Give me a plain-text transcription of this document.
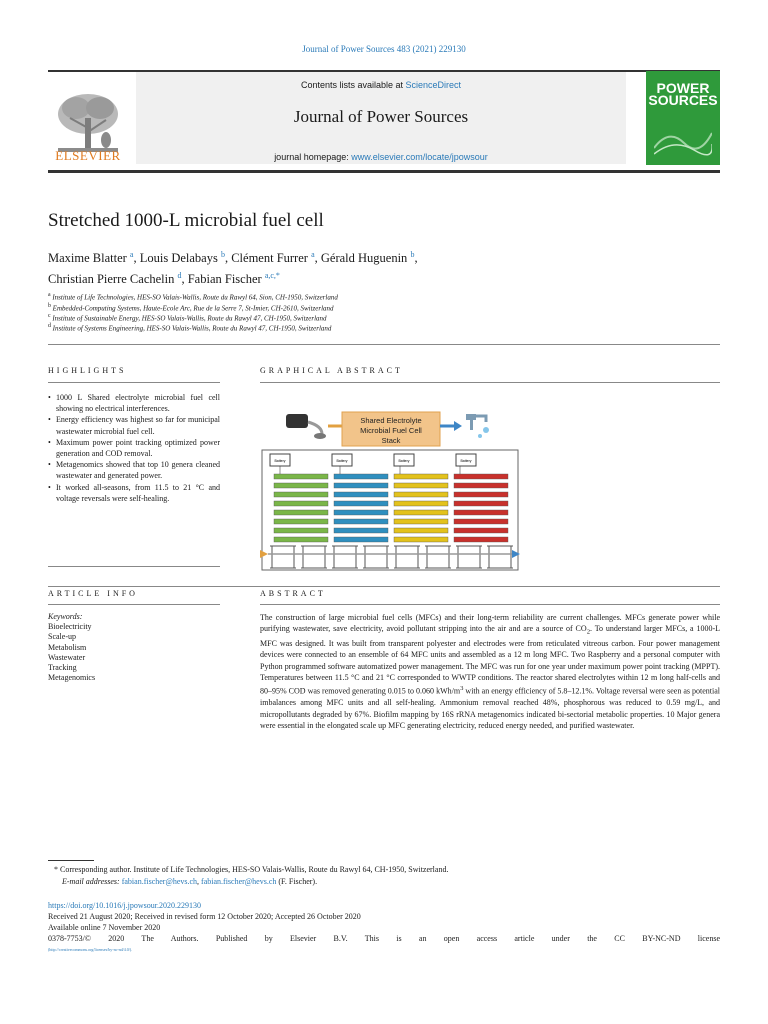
Journal of Power Sources 483 (2021) 229130
Contents lists available at ScienceDirect
Journal of Power Sources
journal homepage: www.elsevier.com/locate/jpowsour
ELSEVIER
POWER
SOURCES
Stretched 1000-L microbial fuel cell
Maxime Blatter $^a$, Louis Delabays $^b$, Clément Furrer $^a$, Gérald Huguenin $^b$,
Christian Pierre Cachelin $^d$, Fabian Fischer $^{a,c,*}$
$^a$ Institute of Life Technologies, HES-SO Valais-Wallis, Route du Rawyl 64, Sion, CH-1950, Switzerland
$^b$ Embedded-Computing Systems, Haute-Ecole Arc, Rue de la Serre 7, St-Imier, CH-2610, Switzerland
$^c$ Institute of Sustainable Energy, HES-SO Valais-Wallis, Route du Rawyl 47, CH-1950, Switzerland
$^d$ Institute of Systems Engineering, HES-SO Valais-Wallis, Route du Rawyl 47, CH-1950, Switzerland
HIGHLIGHTS
• 1000 L Shared electrolyte microbial fuel cell showing no electrical interferences.
• Energy efficiency was highest so far for municipal wastewater microbial fuel cell.
• Maximum power point tracking optimized power generation and COD removal.
• Metagenomics showed that top 10 genera cleaned wastewater and generated power.
• It worked all-seasons, from 11.5 to 21 °C and voltage reversals were self-healing.
GRAPHICAL ABSTRACT
Shared Electrolyte
Microbial Fuel Cell
Stack
Battery	Battery	Battery	Battery
ARTICLE INFO
Keywords:
Bioelectricity
Scale-up
Metabolism
Wastewater
Tracking
Metagenomics
ABSTRACT
The construction of large microbial fuel cells (MFCs) and their long-term reliability are current challenges. MFCs generate power while purifying wastewater, save electricity, avoid pollutant stripping into the air and are a source of $CO_2$. To understand larger MFCs, a 1000-L MFC was designed. It was built from transparent polyester and electrodes were from reticulated vitreous carbon. Four power management devices were connected to an ensemble of 64 MFC units and assembled as a 12 m long MFC. Two Raspberry and a personal computer with Python programmed software automatized power management. The MFC was run for one year under maximum power point tracking (MPPT). Temperatures between 11.5 °C and 21 °C corresponded to WWTP conditions. The reactor shared electrolytes within 12 m long half-cells and 80–95% COD was removed generating 0.015 to 0.060 kWh/$m^3$ with an energy efficiency of 5.8–12.1%. Voltage reversal were seen as potential imbalances among MFC units and all self-healing. Ammonium removal reached 48%, phosphorous was reduced to 0.59 mg/L, and micropollutants degraded by 67%. Biofilm mapping by 16S rRNA metagenomics indicated bi-sectorial metabolic properties. 10 Major genera were essential in the elongated scale up MFC generating electricity, reduced energy needed, and purified wastewater.
* Corresponding author. Institute of Life Technologies, HES-SO Valais-Wallis, Route du Rawyl 64, CH-1950, Switzerland.
E-mail addresses: fabian.fischer@hevs.ch, fabian.fischer@hevs.ch (F. Fischer).
https://doi.org/10.1016/j.jpowsour.2020.229130
Received 21 August 2020; Received in revised form 12 October 2020; Accepted 26 October 2020
Available online 7 November 2020
0378-7753/© 2020 The Authors. Published by Elsevier B.V. This is an open access article under the CC BY-NC-ND license
(http://creativecommons.org/licenses/by-nc-nd/4.0/).
